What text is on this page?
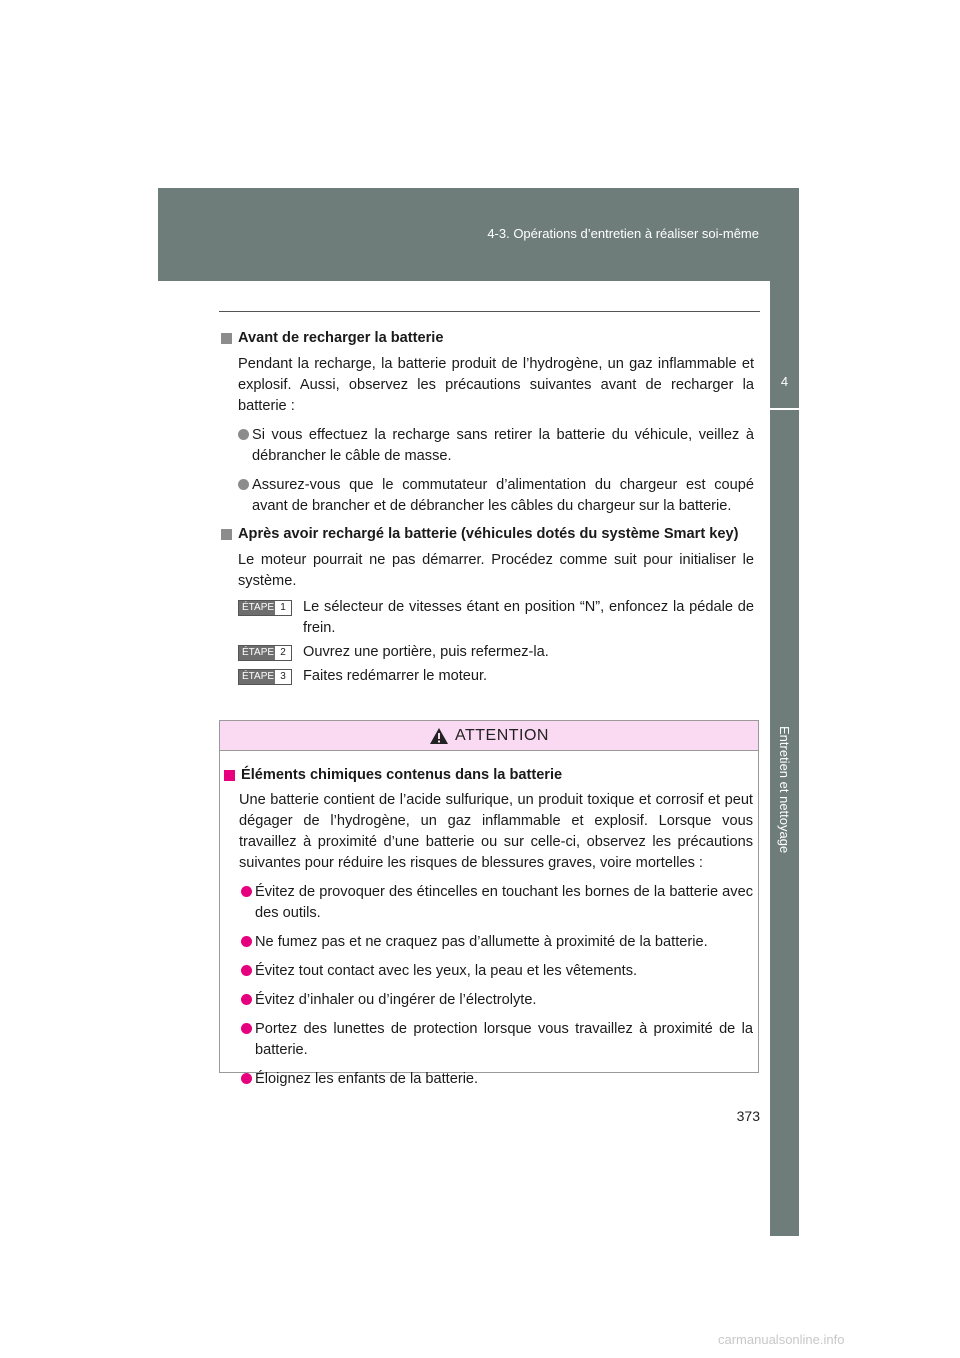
4-3. Opérations d’entretien à réaliser soi-même
4
Entretien et nettoyage
Avant de recharger la batterie

Pendant la recharge, la batterie produit de l’hydrogène, un gaz inflammable et explosif. Aussi, observez les précautions suivantes avant de recharger la batterie :

Si vous effectuez la recharge sans retirer la batterie du véhicule, veillez à débrancher le câble de masse.

Assurez-vous que le commutateur d’alimentation du chargeur est coupé avant de brancher et de débrancher les câbles du chargeur sur la batterie.

Après avoir rechargé la batterie (véhicules dotés du système Smart key)

Le moteur pourrait ne pas démarrer. Procédez comme suit pour initialiser le système.

ÉTAPE 1	Le sélecteur de vitesses étant en position “N”, enfoncez la pédale de frein.
ÉTAPE 2	Ouvrez une portière, puis refermez-la.
ÉTAPE 3	Faites redémarrer le moteur.
ATTENTION
Éléments chimiques contenus dans la batterie

Une batterie contient de l’acide sulfurique, un produit toxique et corrosif et peut dégager de l’hydrogène, un gaz inflammable et explosif. Lorsque vous travaillez à proximité d’une batterie ou sur celle-ci, observez les précautions suivantes pour réduire les risques de blessures graves, voire mortelles :

Évitez de provoquer des étincelles en touchant les bornes de la batterie avec des outils.

Ne fumez pas et ne craquez pas d’allumette à proximité de la batterie.

Évitez tout contact avec les yeux, la peau et les vêtements.

Évitez d’inhaler ou d’ingérer de l’électrolyte.

Portez des lunettes de protection lorsque vous travaillez à proximité de la batterie.

Éloignez les enfants de la batterie.

373
carmanualsonline.info
